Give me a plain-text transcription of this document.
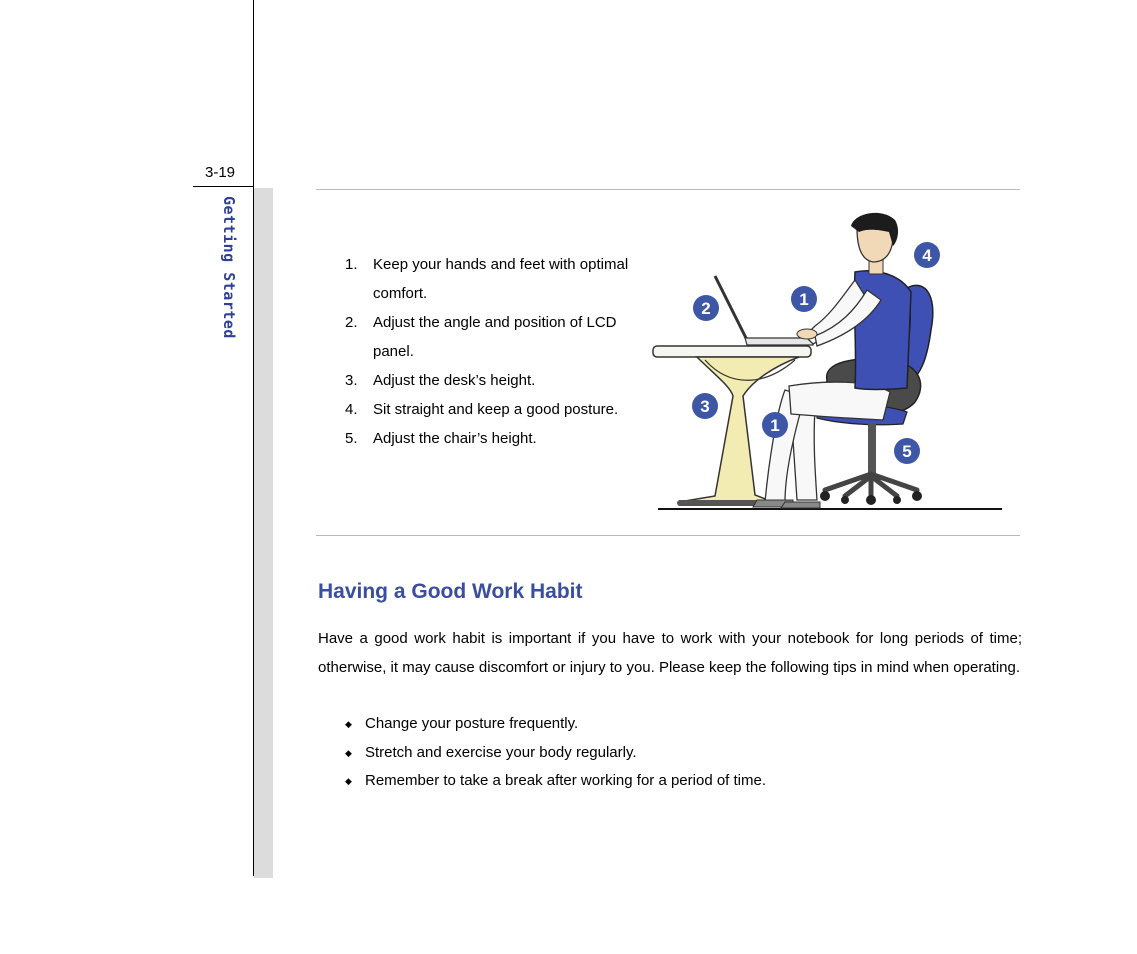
3-19
Getting Started	1.	Keep your hands and feet with optimal comfort.
2.	Adjust the angle and position of LCD panel.
3.	Adjust the desk’s height.
4.	Sit straight and keep a good posture.
5.	Adjust the chair’s height.
4
2	1
3
1
5
Having a Good Work Habit
Have a good work habit is important if you have to work with your notebook for long periods of time; otherwise, it may cause discomfort or injury to you. Please keep the following tips in mind when operating.
◆ Change your posture frequently.
◆ Stretch and exercise your body regularly.
◆ Remember to take a break after working for a period of time.
